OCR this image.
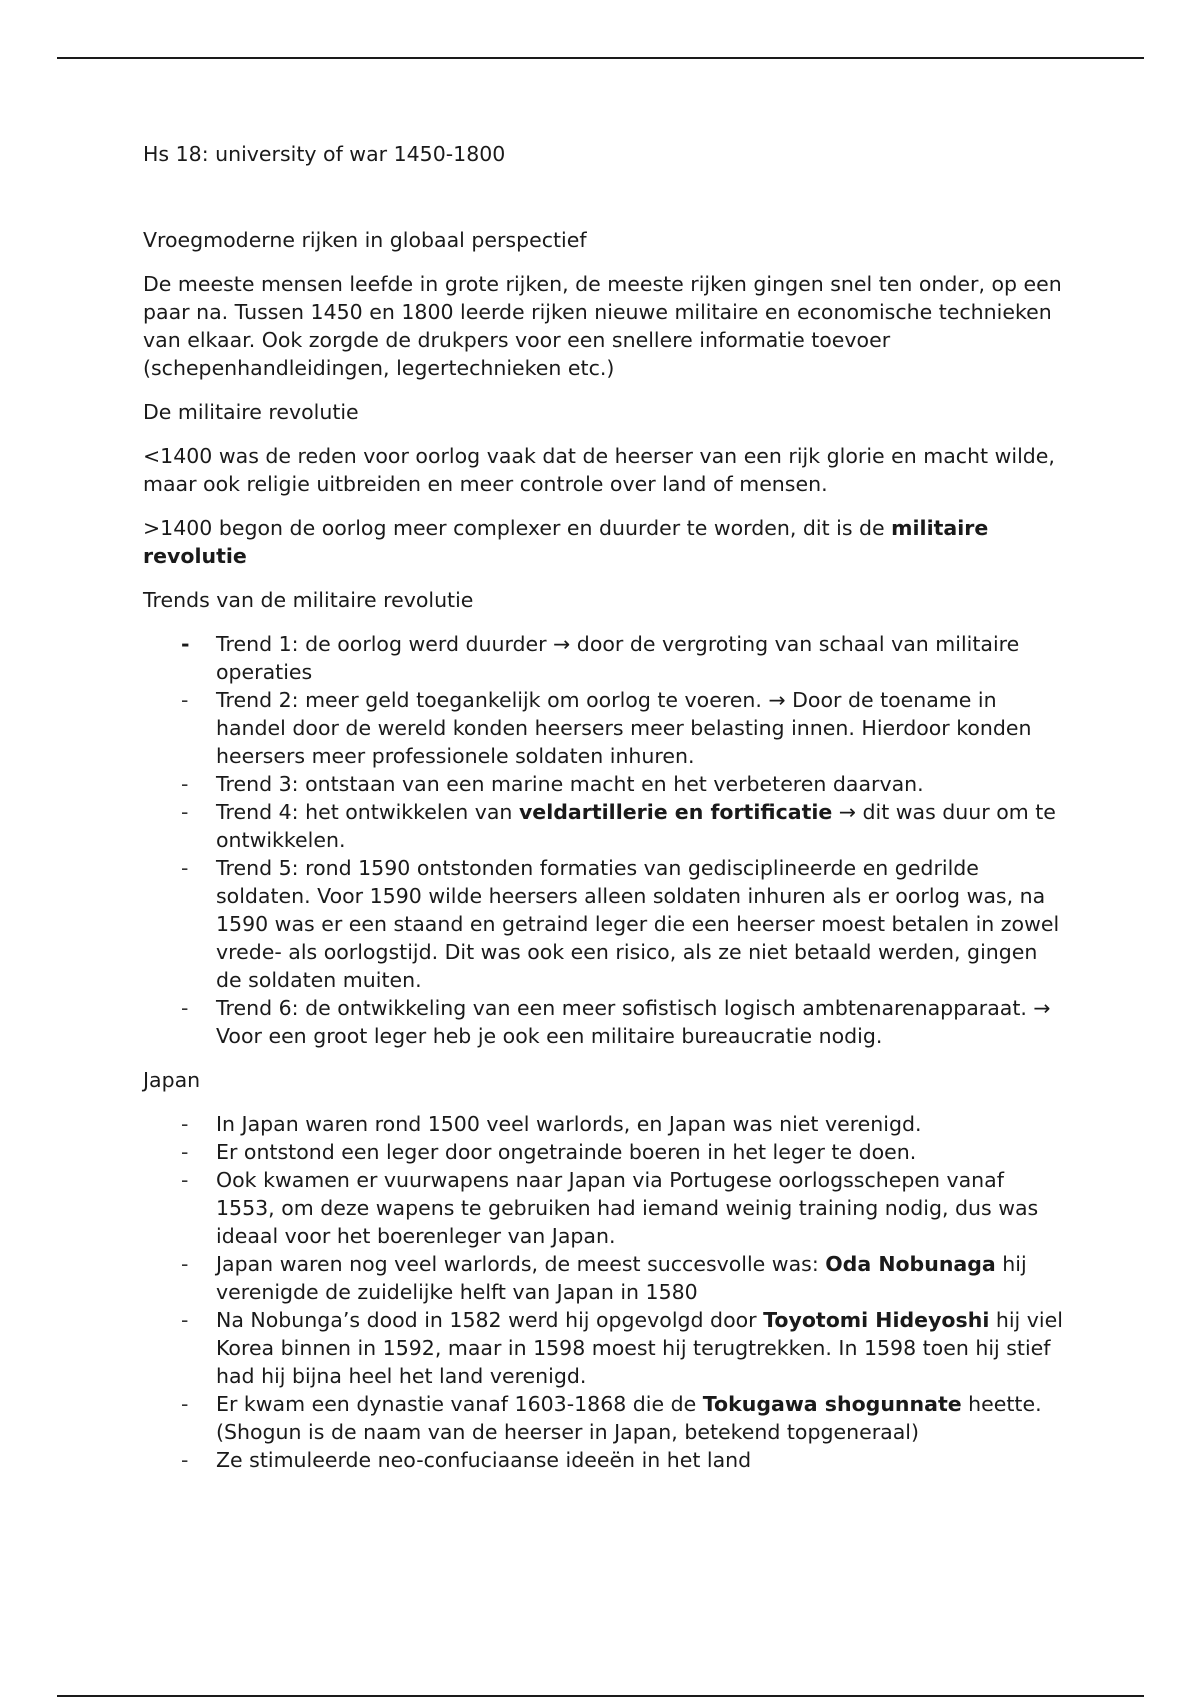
Hs 18: university of war 1450-1800

Vroegmoderne rijken in globaal perspectief

De meeste mensen leefde in grote rijken, de meeste rijken gingen snel ten onder, op een paar na. Tussen 1450 en 1800 leerde rijken nieuwe militaire en economische technieken van elkaar. Ook zorgde de drukpers voor een snellere informatie toevoer (schepenhandleidingen, legertechnieken etc.)

De militaire revolutie

<1400 was de reden voor oorlog vaak dat de heerser van een rijk glorie en macht wilde, maar ook religie uitbreiden en meer controle over land of mensen.

>1400 begon de oorlog meer complexer en duurder te worden, dit is de militaire revolutie

Trends van de militaire revolutie

- Trend 1: de oorlog werd duurder → door de vergroting van schaal van militaire operaties
- Trend 2: meer geld toegankelijk om oorlog te voeren. → Door de toename in handel door de wereld konden heersers meer belasting innen. Hierdoor konden heersers meer professionele soldaten inhuren.
- Trend 3: ontstaan van een marine macht en het verbeteren daarvan.
- Trend 4: het ontwikkelen van veldartillerie en fortificatie → dit was duur om te ontwikkelen.
- Trend 5: rond 1590 ontstonden formaties van gedisciplineerde en gedrilde soldaten. Voor 1590 wilde heersers alleen soldaten inhuren als er oorlog was, na 1590 was er een staand en getraind leger die een heerser moest betalen in zowel vrede- als oorlogstijd. Dit was ook een risico, als ze niet betaald werden, gingen de soldaten muiten.
- Trend 6: de ontwikkeling van een meer sofistisch logisch ambtenarenapparaat. → Voor een groot leger heb je ook een militaire bureaucratie nodig.

Japan

- In Japan waren rond 1500 veel warlords, en Japan was niet verenigd.
- Er ontstond een leger door ongetrainde boeren in het leger te doen.
- Ook kwamen er vuurwapens naar Japan via Portugese oorlogsschepen vanaf 1553, om deze wapens te gebruiken had iemand weinig training nodig, dus was ideaal voor het boerenleger van Japan.
- Japan waren nog veel warlords, de meest succesvolle was: Oda Nobunaga hij verenigde de zuidelijke helft van Japan in 1580
- Na Nobunga’s dood in 1582 werd hij opgevolgd door Toyotomi Hideyoshi hij viel Korea binnen in 1592, maar in 1598 moest hij terugtrekken. In 1598 toen hij stief had hij bijna heel het land verenigd.
- Er kwam een dynastie vanaf 1603-1868 die de Tokugawa shogunnate heette. (Shogun is de naam van de heerser in Japan, betekend topgeneraal)
- Ze stimuleerde neo-confuciaanse ideeën in het land
